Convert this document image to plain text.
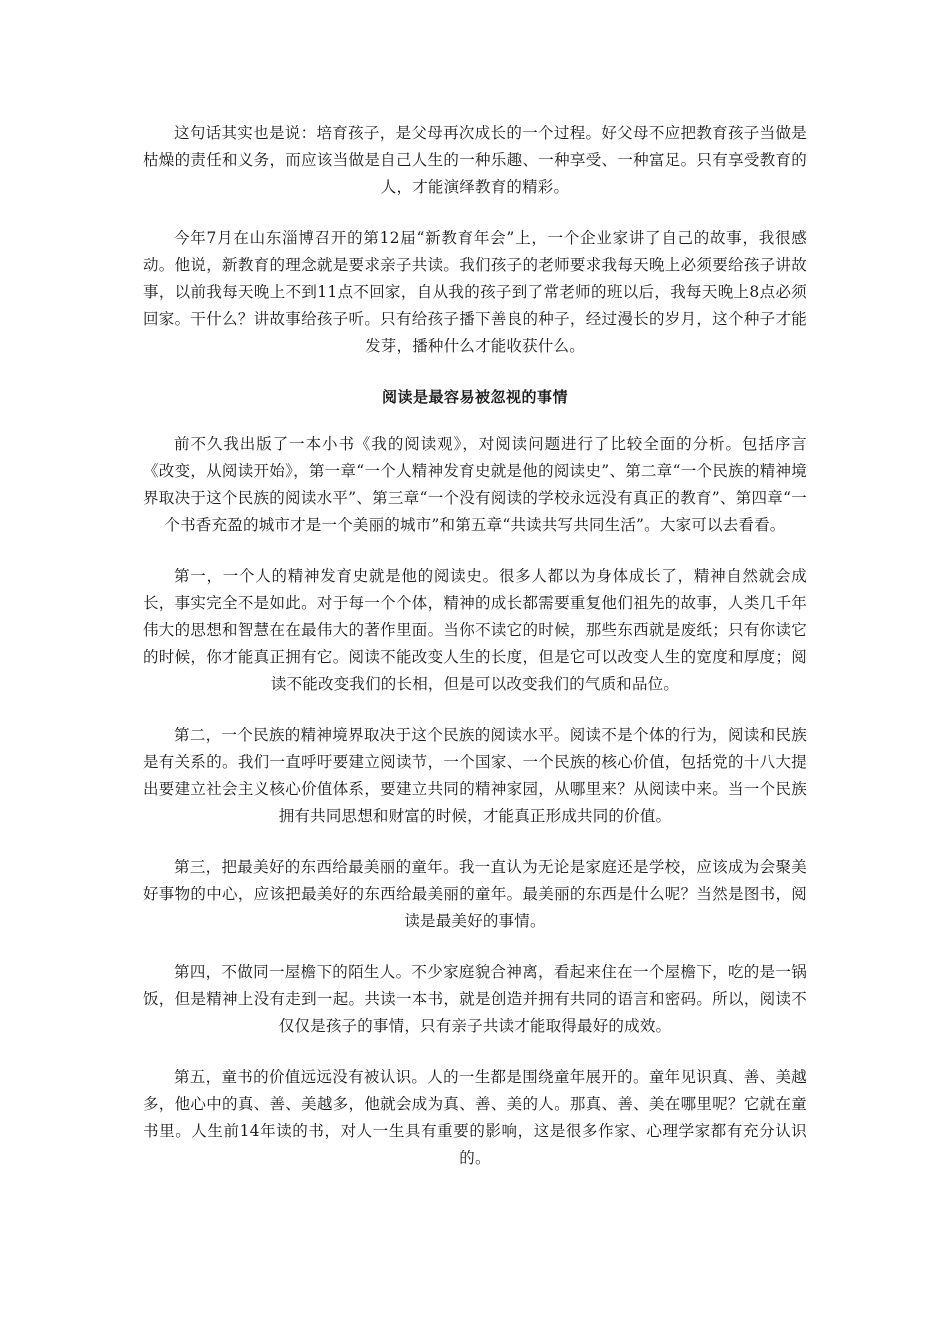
这句话其实也是说：培育孩子，是父母再次成长的一个过程。好父母不应把教育孩子当做是枯燥的责任和义务，而应该当做是自己人生的一种乐趣、一种享受、一种富足。只有享受教育的人，才能演绎教育的精彩。

今年7月在山东淄博召开的第12届“新教育年会”上，一个企业家讲了自己的故事，我很感动。他说，新教育的理念就是要求亲子共读。我们孩子的老师要求我每天晚上必须要给孩子讲故事，以前我每天晚上不到11点不回家，自从我的孩子到了常老师的班以后，我每天晚上8点必须回家。干什么？讲故事给孩子听。只有给孩子播下善良的种子，经过漫长的岁月，这个种子才能发芽，播种什么才能收获什么。

阅读是最容易被忽视的事情

前不久我出版了一本小书《我的阅读观》，对阅读问题进行了比较全面的分析。包括序言《改变，从阅读开始》，第一章“一个人精神发育史就是他的阅读史”、第二章“一个民族的精神境界取决于这个民族的阅读水平”、第三章“一个没有阅读的学校永远没有真正的教育”、第四章“一个书香充盈的城市才是一个美丽的城市”和第五章“共读共写共同生活”。大家可以去看看。

第一，一个人的精神发育史就是他的阅读史。很多人都以为身体成长了，精神自然就会成长，事实完全不是如此。对于每一个个体，精神的成长都需要重复他们祖先的故事，人类几千年伟大的思想和智慧在在最伟大的著作里面。当你不读它的时候，那些东西就是废纸；只有你读它的时候，你才能真正拥有它。阅读不能改变人生的长度，但是它可以改变人生的宽度和厚度；阅读不能改变我们的长相，但是可以改变我们的气质和品位。

第二，一个民族的精神境界取决于这个民族的阅读水平。阅读不是个体的行为，阅读和民族是有关系的。我们一直呼吁要建立阅读节，一个国家、一个民族的核心价值，包括党的十八大提出要建立社会主义核心价值体系，要建立共同的精神家园，从哪里来？从阅读中来。当一个民族拥有共同思想和财富的时候，才能真正形成共同的价值。

第三，把最美好的东西给最美丽的童年。我一直认为无论是家庭还是学校，应该成为会聚美好事物的中心，应该把最美好的东西给最美丽的童年。最美丽的东西是什么呢？当然是图书，阅读是最美好的事情。

第四，不做同一屋檐下的陌生人。不少家庭貌合神离，看起来住在一个屋檐下，吃的是一锅饭，但是精神上没有走到一起。共读一本书，就是创造并拥有共同的语言和密码。所以，阅读不仅仅是孩子的事情，只有亲子共读才能取得最好的成效。

第五，童书的价值远远没有被认识。人的一生都是围绕童年展开的。童年见识真、善、美越多，他心中的真、善、美越多，他就会成为真、善、美的人。那真、善、美在哪里呢？它就在童书里。人生前14年读的书，对人一生具有重要的影响，这是很多作家、心理学家都有充分认识的。
